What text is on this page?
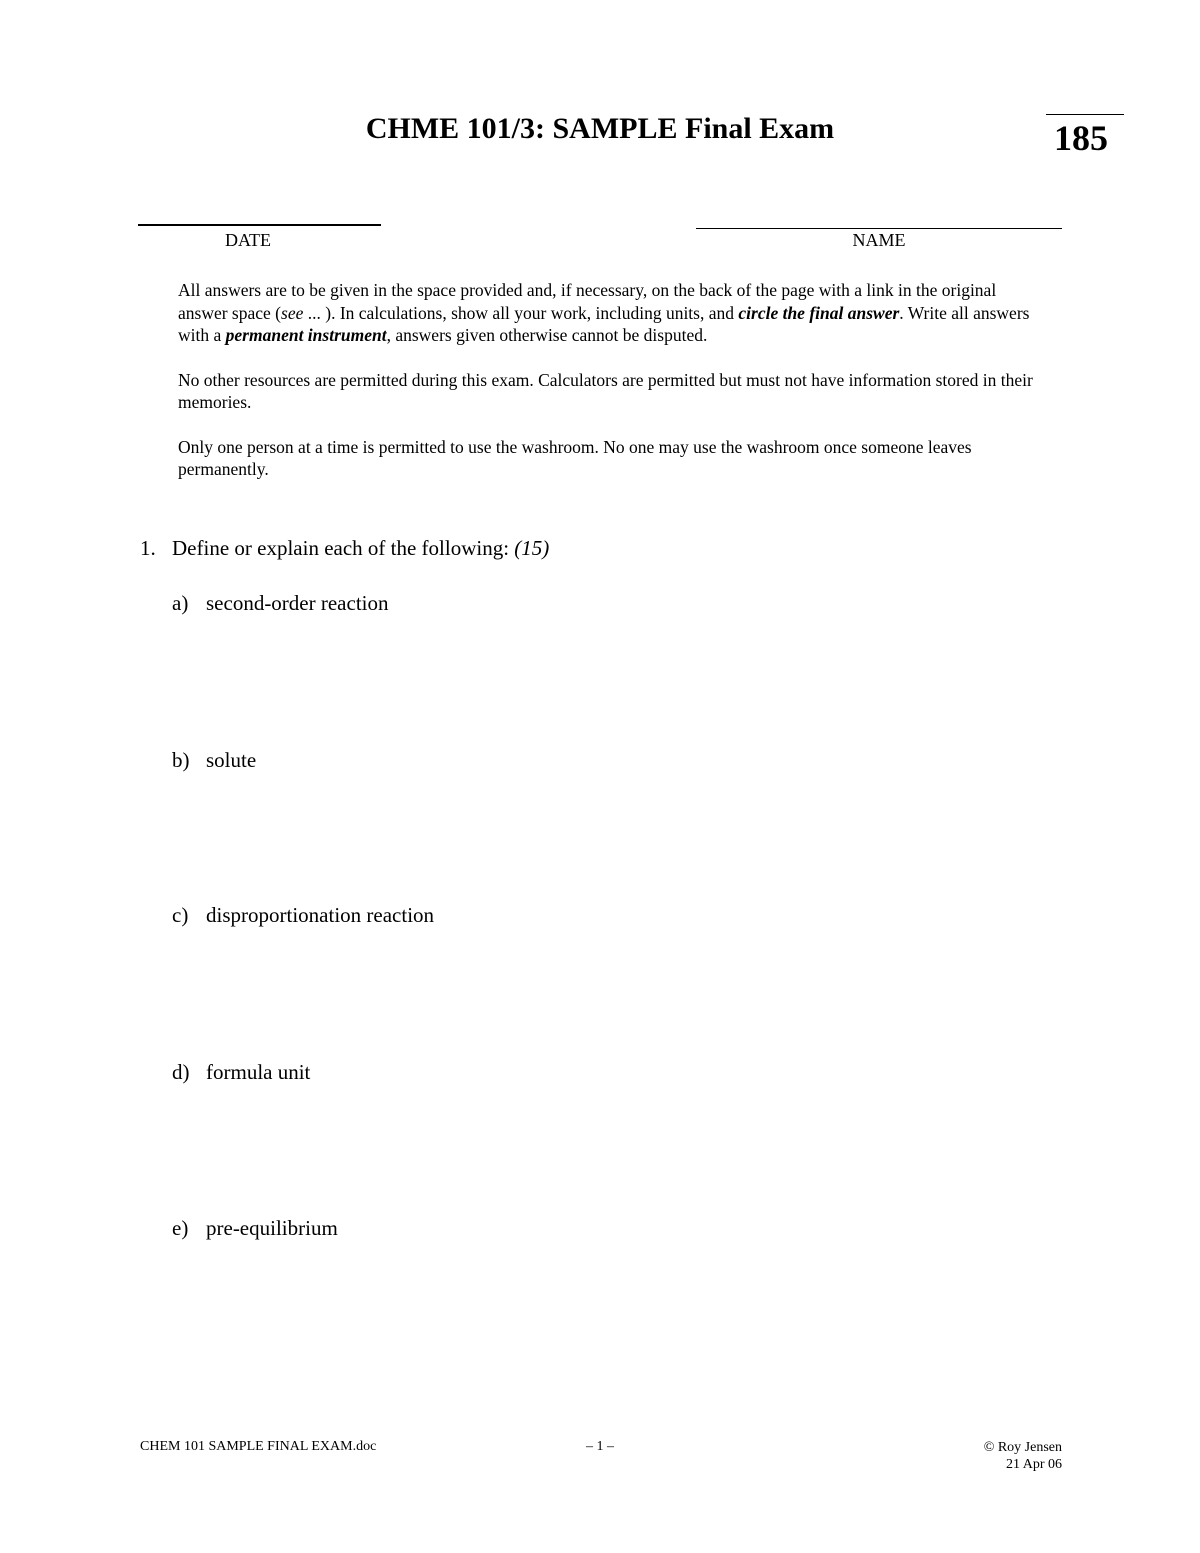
CHME 101/3: SAMPLE Final Exam	185
DATE	NAME

All answers are to be given in the space provided and, if necessary, on the back of the page with a link in the original answer space (see ... ). In calculations, show all your work, including units, and circle the final answer. Write all answers with a permanent instrument, answers given otherwise cannot be disputed.

No other resources are permitted during this exam. Calculators are permitted but must not have information stored in their memories.

Only one person at a time is permitted to use the washroom. No one may use the washroom once someone leaves permanently.

1. Define or explain each of the following: (15)
a) second-order reaction
b) solute
c) disproportionation reaction
d) formula unit
e) pre-equilibrium
CHEM 101 SAMPLE FINAL EXAM.doc	– 1 –	© Roy Jensen
21 Apr 06
